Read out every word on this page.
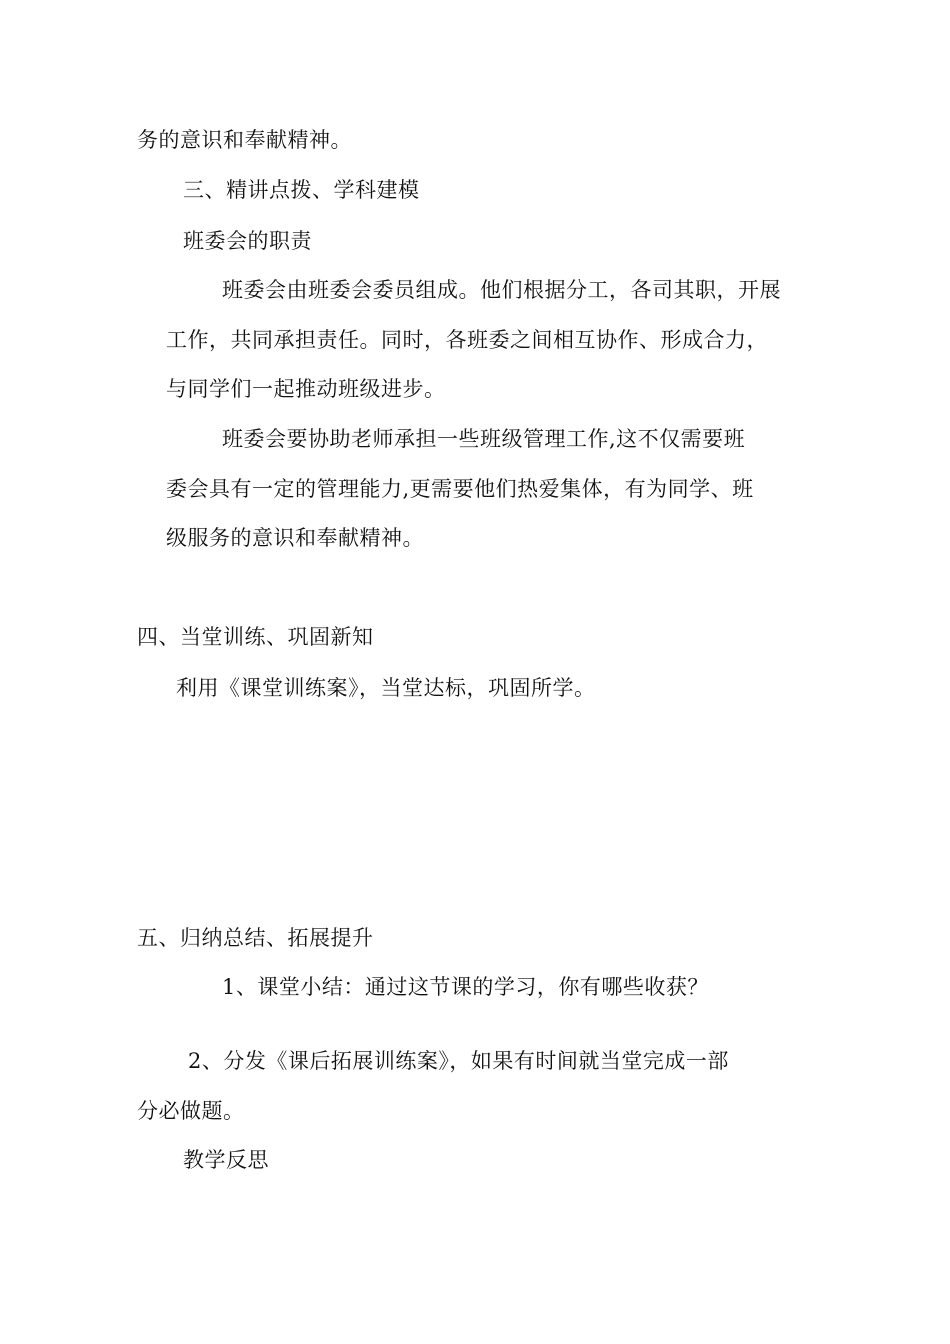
务的意识和奉献精神。
三、精讲点拨、学科建模
班委会的职责
班委会由班委会委员组成。他们根据分工，各司其职，开展
工作，共同承担责任。同时，各班委之间相互协作、形成合力，
与同学们一起推动班级进步。
班委会要协助老师承担一些班级管理工作,这不仅需要班
委会具有一定的管理能力,更需要他们热爱集体，有为同学、班
级服务的意识和奉献精神。
四、当堂训练、巩固新知
利用《课堂训练案》，当堂达标，巩固所学。
五、归纳总结、拓展提升
1、课堂小结：通过这节课的学习，你有哪些收获？
2、分发《课后拓展训练案》，如果有时间就当堂完成一部
分必做题。
教学反思
